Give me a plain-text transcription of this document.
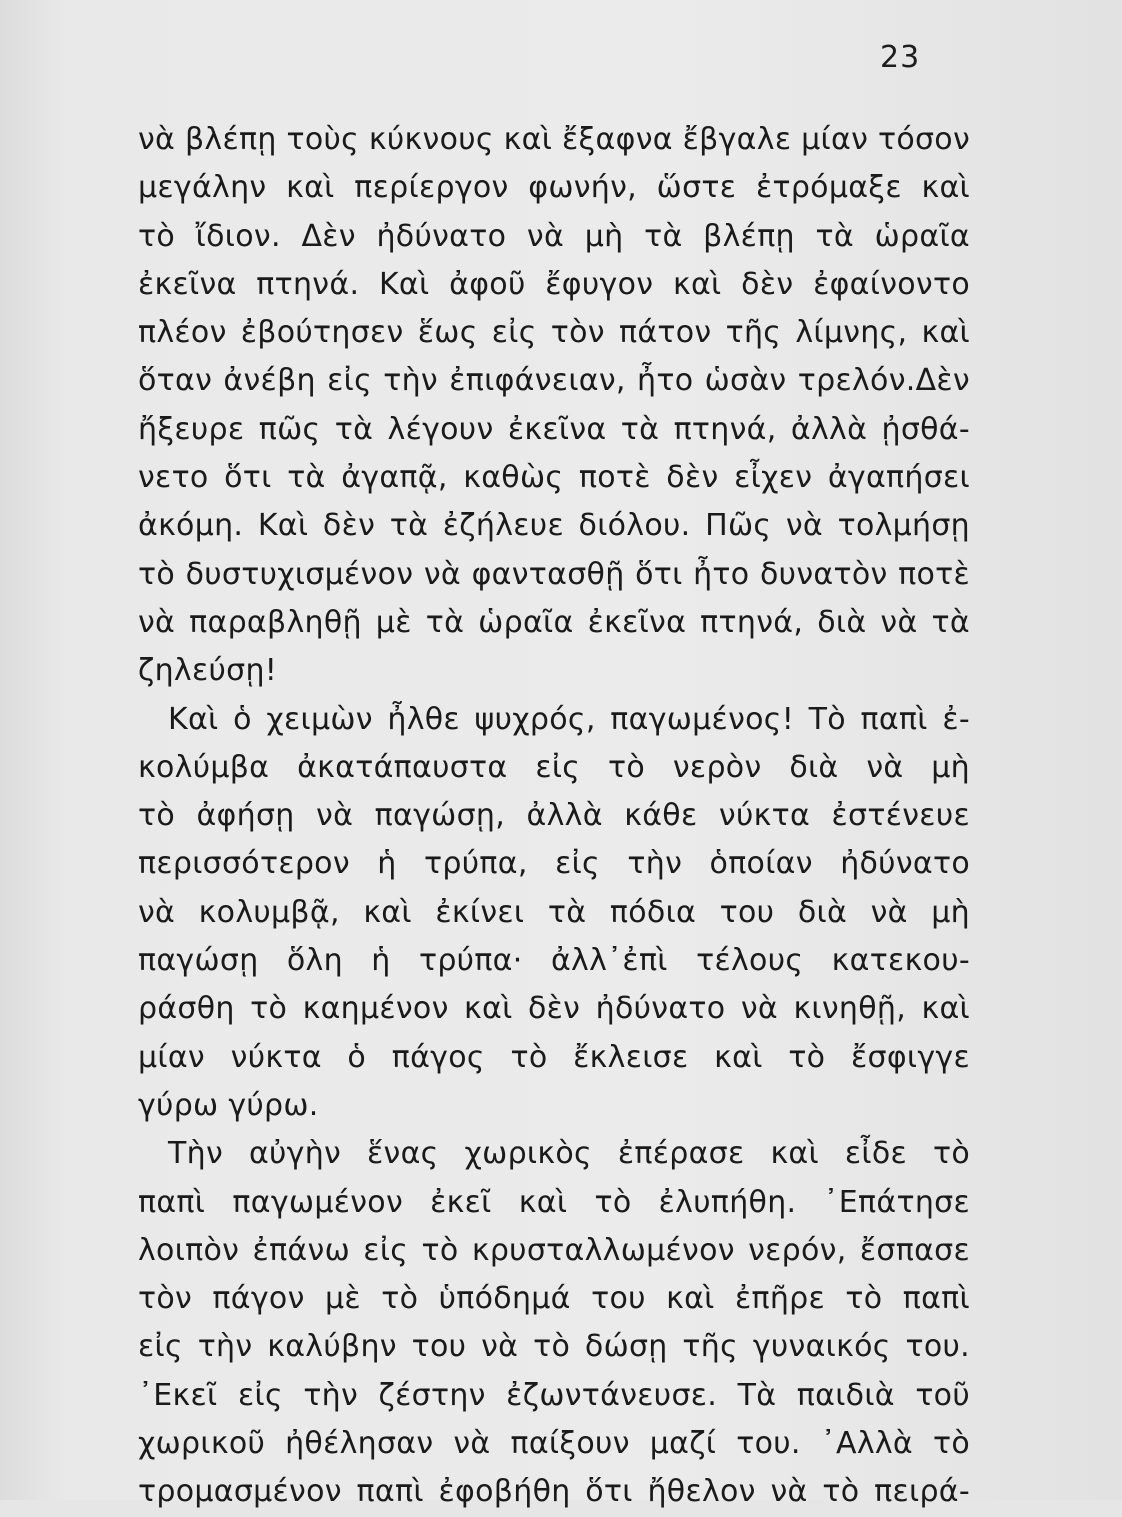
23
νὰ βλέπῃ τοὺς κύκνους καὶ ἔξαφνα ἔβγαλε μίαν τόσον
μεγάλην καὶ περίεργον φωνήν, ὥστε ἐτρόμαξε καὶ
τὸ ἴδιον. Δὲν ἠδύνατο νὰ μὴ τὰ βλέπῃ τὰ ὡραῖα
ἐκεῖνα πτηνά. Καὶ ἀφοῦ ἔφυγον καὶ δὲν ἐφαίνοντο
πλέον ἐβούτησεν ἕως εἰς τὸν πάτον τῆς λίμνης, καὶ
ὅταν ἀνέβη εἰς τὴν ἐπιφάνειαν, ἦτο ὡσὰν τρελόν.Δὲν
ἤξευρε πῶς τὰ λέγουν ἐκεῖνα τὰ πτηνά, ἀλλὰ ᾐσθά-
νετο ὅτι τὰ ἀγαπᾷ, καθὼς ποτὲ δὲν εἶχεν ἀγαπήσει
ἀκόμη. Καὶ δὲν τὰ ἐζήλευε διόλου. Πῶς νὰ τολμήσῃ
τὸ δυστυχισμένον νὰ φαντασθῇ ὅτι ἦτο δυνατὸν ποτὲ
νὰ παραβληθῇ μὲ τὰ ὡραῖα ἐκεῖνα πτηνά, διὰ νὰ τὰ
ζηλεύσῃ!
Καὶ ὁ χειμὼν ἦλθε ψυχρός, παγωμένος! Τὸ παπὶ ἐ-
κολύμβα ἀκατάπαυστα εἰς τὸ νερὸν διὰ νὰ μὴ
τὸ ἀφήσῃ νὰ παγώσῃ, ἀλλὰ κάθε νύκτα ἐστένευε
περισσότερον ἡ τρύπα, εἰς τὴν ὁποίαν ἠδύνατο
νὰ κολυμβᾷ, καὶ ἐκίνει τὰ πόδια του διὰ νὰ μὴ
παγώσῃ ὅλη ἡ τρύπα· ἀλλ᾿ἐπὶ τέλους κατεκου-
ράσθη τὸ καημένον καὶ δὲν ἠδύνατο νὰ κινηθῇ, καὶ
μίαν νύκτα ὁ πάγος τὸ ἔκλεισε καὶ τὸ ἔσφιγγε
γύρω γύρω.
Τὴν αὐγὴν ἕνας χωρικὸς ἐπέρασε καὶ εἶδε τὸ
παπὶ παγωμένον ἐκεῖ καὶ τὸ ἐλυπήθη. ᾿Επάτησε
λοιπὸν ἐπάνω εἰς τὸ κρυσταλλωμένον νερόν, ἔσπασε
τὸν πάγον μὲ τὸ ὑπόδημά του καὶ ἐπῆρε τὸ παπὶ
εἰς τὴν καλύβην του νὰ τὸ δώσῃ τῆς γυναικός του.
᾿Εκεῖ εἰς τὴν ζέστην ἐζωντάνευσε. Τὰ παιδιὰ τοῦ
χωρικοῦ ἠθέλησαν νὰ παίξουν μαζί του. ᾿Αλλὰ τὸ
τρομασμένον παπὶ ἐφοβήθη ὅτι ἤθελον νὰ τὸ πειρά-
